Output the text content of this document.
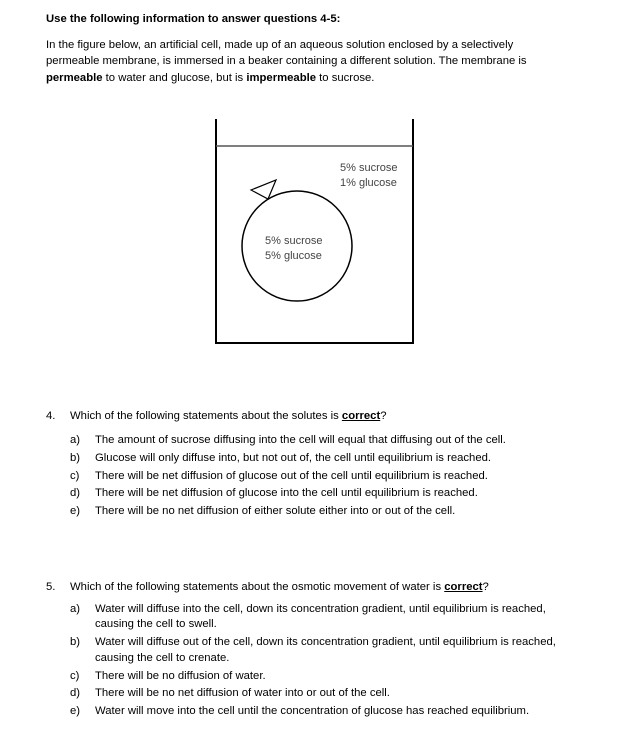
Use the following information to answer questions 4-5:
In the figure below, an artificial cell, made up of an aqueous solution enclosed by a selectively
permeable membrane, is immersed in a beaker containing a different solution. The membrane is
permeable to water and glucose, but is impermeable to sucrose.
5% sucrose
1% glucose
5% sucrose
5% glucose
4. Which of the following statements about the solutes is correct?
a) The amount of sucrose diffusing into the cell will equal that diffusing out of the cell.
b) Glucose will only diffuse into, but not out of, the cell until equilibrium is reached.
c) There will be net diffusion of glucose out of the cell until equilibrium is reached.
d) There will be net diffusion of glucose into the cell until equilibrium is reached.
e) There will be no net diffusion of either solute either into or out of the cell.
5. Which of the following statements about the osmotic movement of water is correct?
a) Water will diffuse into the cell, down its concentration gradient, until equilibrium is reached,
causing the cell to swell.
b) Water will diffuse out of the cell, down its concentration gradient, until equilibrium is reached,
causing the cell to crenate.
c) There will be no diffusion of water.
d) There will be no net diffusion of water into or out of the cell.
e) Water will move into the cell until the concentration of glucose has reached equilibrium.
